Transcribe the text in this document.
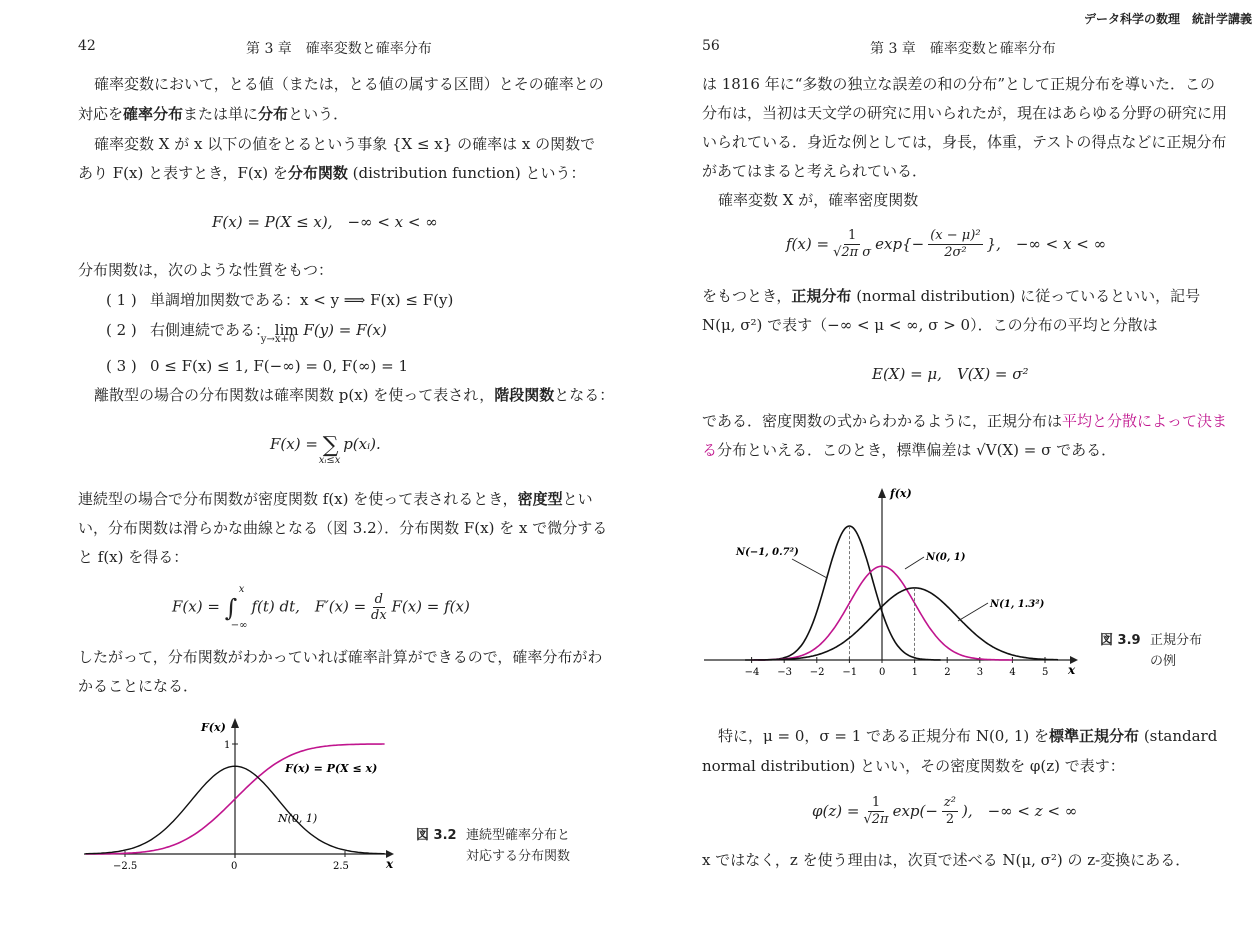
データ科学の数理　統計学講義
42	第 3 章　確率変数と確率分布
確率変数において，とる値（または，とる値の属する区間）とその確率との
対応を確率分布または単に分布という．
確率変数 X が x 以下の値をとるという事象 {X ≤ x} の確率は x の関数で
あり F(x) と表すとき，F(x) を分布関数 (distribution function) という：
F(x) = P(X ≤ x),　−∞ < x < ∞
分布関数は，次のような性質をもつ：
( 1 ) 単調増加関数である：x < y ⟹ F(x) ≤ F(y)
( 2 ) 右側連続である： lim
y→x+0
F(y) = F(x)
( 3 ) 0 ≤ F(x) ≤ 1, F(−∞) = 0, F(∞) = 1
離散型の場合の分布関数は確率関数 p(x) を使って表され，階段関数となる：
F(x) = ∑
xᵢ≤x
p(xᵢ).
連続型の場合で分布関数が密度関数 f(x) を使って表されるとき，密度型とい
い，分布関数は滑らかな曲線となる（図 3.2）．分布関数 F(x) を x で微分する
と f(x) を得る：
F(x) = ∫
x
−∞
f(t) dt,　$F'(x) = \frac{d}{dx} F(x) = f(x)$
したがって，分布関数がわかっていれば確率計算ができるので，確率分布がわ
かることになる．
x
F(x)
−2.5	0	2.5
1
F(x) = P(X ≤ x)
N(0, 1)
図 3.2 連続型確率分布と
対応する分布関数
56	第 3 章　確率変数と確率分布
は 1816 年に“多数の独立な誤差の和の分布”として正規分布を導いた．この
分布は，当初は天文学の研究に用いられたが，現在はあらゆる分野の研究に用
いられている．身近な例としては，身長，体重，テストの得点などに正規分布
があてはまると考えられている．
確率変数 X が，確率密度関数
$f(x) = \frac{1}{\text{√2π σ}} \exp\{- \frac{\text{(x − μ)²}}{\text{2σ²}}$ },　−∞ < x < ∞
をもつとき，正規分布 (normal distribution) に従っているといい，記号
N(μ, σ²) で表す（−∞ < μ < ∞, σ > 0）．この分布の平均と分散は
E(X) = μ,　V(X) = σ²
である．密度関数の式からわかるように，正規分布は平均と分散によって決ま
る分布といえる．このとき，標準偏差は √V(X) = σ である．
x
f(x)
−4 −3 −2 −1 0	1	2	3	4	5
N(−1, 0.7²)	N(0, 1)
N(1, 1.3²)
図 3.9 正規分布
の例
特に，μ = 0，σ = 1 である正規分布 N(0, 1) を標準正規分布 (standard
normal distribution) といい，その密度関数を φ(z) で表す：
$\varphi(z) = \frac{1}{√2\pi} \exp(- \frac{\text{z²}}{2}$ ),　−∞ < z < ∞
x ではなく，z を使う理由は，次頁で述べる N(μ, σ²) の z-変換にある．
